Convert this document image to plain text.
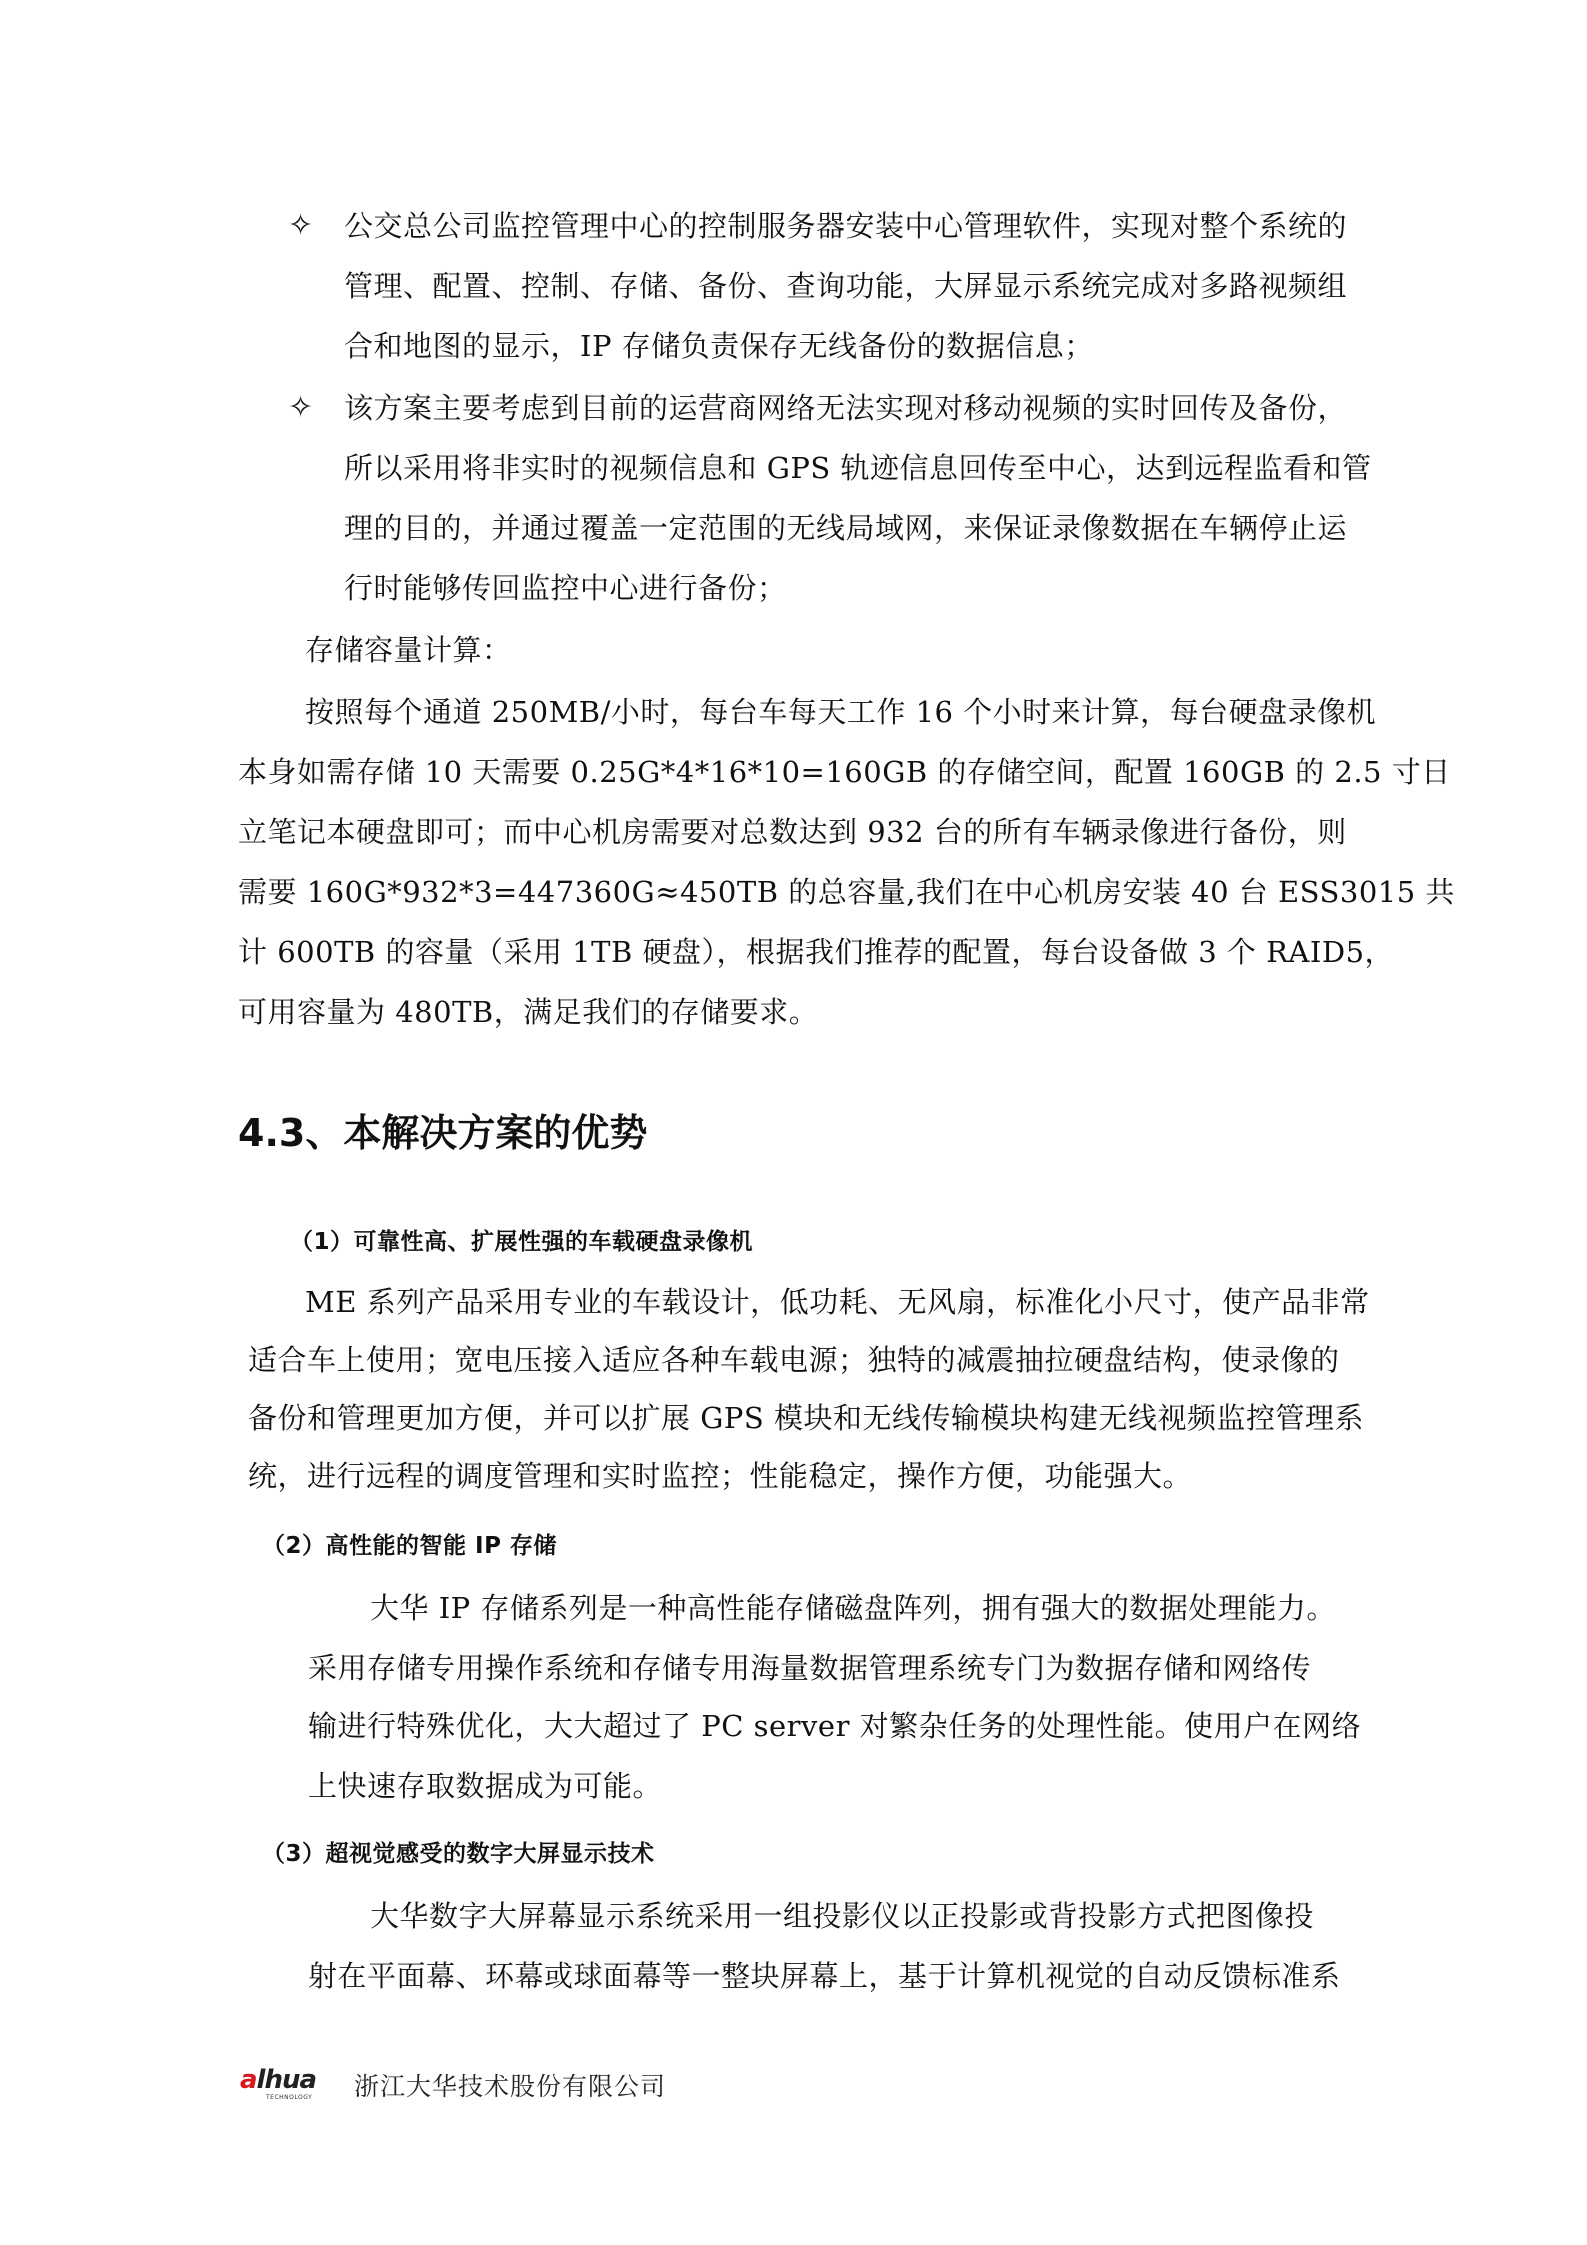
✧ 公交总公司监控管理中心的控制服务器安装中心管理软件，实现对整个系统的
管理、配置、控制、存储、备份、查询功能，大屏显示系统完成对多路视频组
合和地图的显示，IP 存储负责保存无线备份的数据信息；
✧ 该方案主要考虑到目前的运营商网络无法实现对移动视频的实时回传及备份，
所以采用将非实时的视频信息和 GPS 轨迹信息回传至中心，达到远程监看和管
理的目的，并通过覆盖一定范围的无线局域网，来保证录像数据在车辆停止运
行时能够传回监控中心进行备份；
存储容量计算：
按照每个通道 250MB/小时，每台车每天工作 16 个小时来计算，每台硬盘录像机
本身如需存储 10 天需要 0.25G*4*16*10=160GB 的存储空间，配置 160GB 的 2.5 寸日
立笔记本硬盘即可；而中心机房需要对总数达到 932 台的所有车辆录像进行备份，则
需要 160G*932*3=447360G≈450TB 的总容量,我们在中心机房安装 40 台 ESS3015 共
计 600TB 的容量（采用 1TB 硬盘），根据我们推荐的配置，每台设备做 3 个 RAID5，
可用容量为 480TB，满足我们的存储要求。
4.3、本解决方案的优势
（1）可靠性高、扩展性强的车载硬盘录像机
ME 系列产品采用专业的车载设计，低功耗、无风扇，标准化小尺寸，使产品非常
适合车上使用；宽电压接入适应各种车载电源；独特的减震抽拉硬盘结构，使录像的
备份和管理更加方便，并可以扩展 GPS 模块和无线传输模块构建无线视频监控管理系
统，进行远程的调度管理和实时监控；性能稳定，操作方便，功能强大。
（2）高性能的智能 IP 存储
大华 IP 存储系列是一种高性能存储磁盘阵列，拥有强大的数据处理能力。
采用存储专用操作系统和存储专用海量数据管理系统专门为数据存储和网络传
输进行特殊优化，大大超过了 PC server 对繁杂任务的处理性能。使用户在网络
上快速存取数据成为可能。
（3）超视觉感受的数字大屏显示技术
大华数字大屏幕显示系统采用一组投影仪以正投影或背投影方式把图像投
射在平面幕、环幕或球面幕等一整块屏幕上，基于计算机视觉的自动反馈标准系
alhua
TECHNOLOGY 浙江大华技术股份有限公司
